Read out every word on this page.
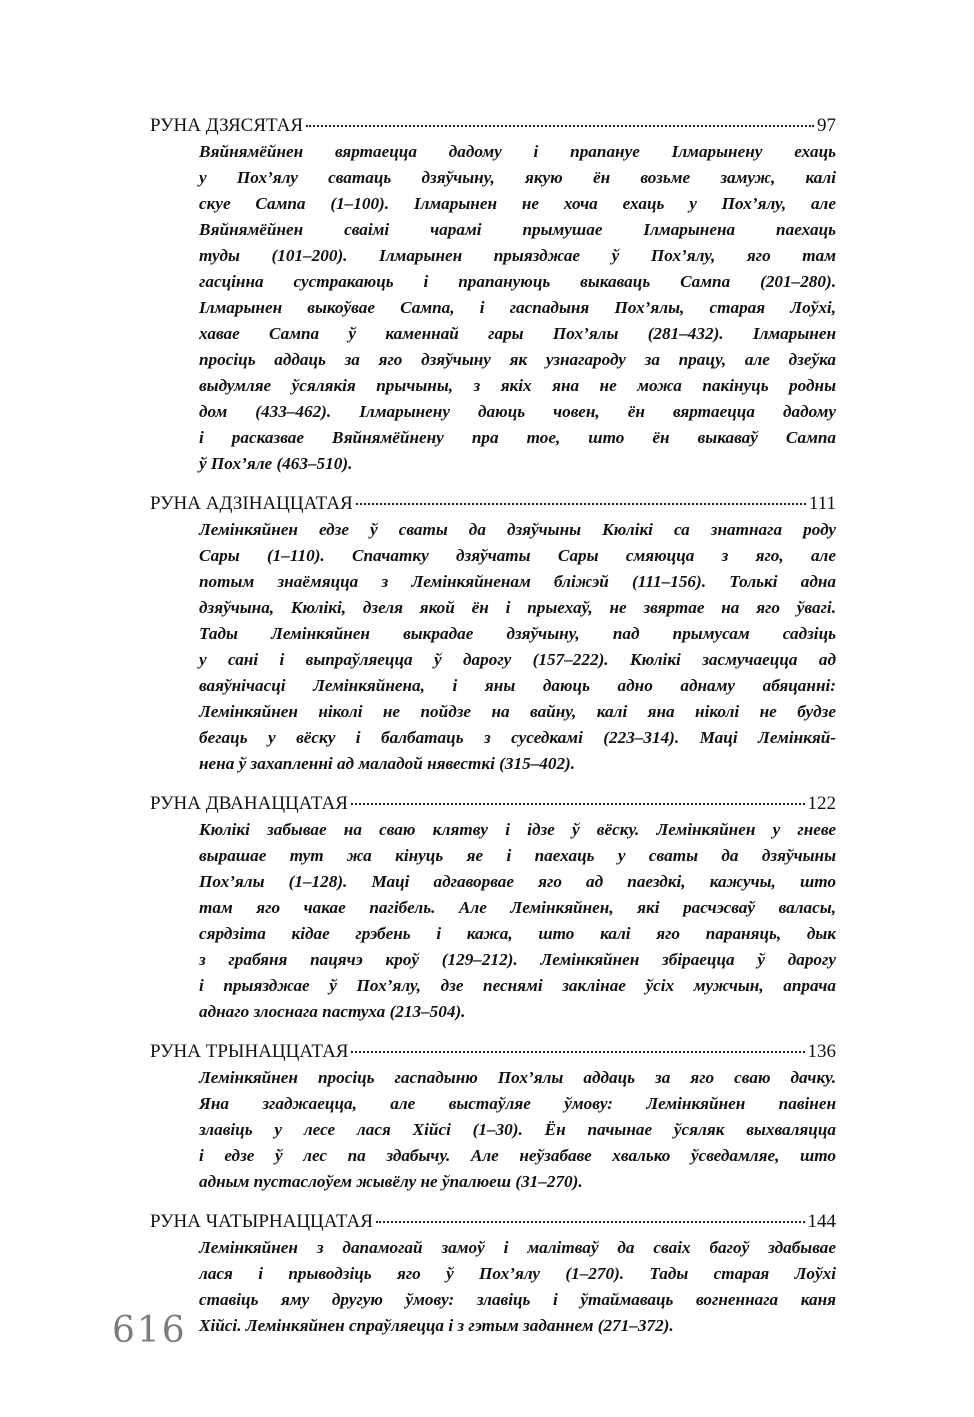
РУНА ДЗЯСЯТАЯ	97
Вяйнямёйнен вяртаецца дадому і прапануе Ілмарынену ехаць
у Пох’ялу сватаць дзяўчыну, якую ён возьме замуж, калі
скуе Сампа (1–100). Ілмарынен не хоча ехаць у Пох’ялу, але
Вяйнямёйнен сваімі чарамі прымушае Ілмарынена паехаць
туды (101–200). Ілмарынен прыязджае ў Пох’ялу, яго там
гасцінна сустракаюць і прапануюць выкаваць Сампа (201–280).
Ілмарынен выкоўвае Сампа, і гаспадыня Пох’ялы, старая Лоўхі,
хавае Сампа ў каменнай гары Пох’ялы (281–432). Ілмарынен
просіць аддаць за яго дзяўчыну як узнагароду за працу, але дзеўка
выдумляе ўсялякія прычыны, з якіх яна не можа пакінуць родны
дом (433–462). Ілмарынену даюць човен, ён вяртаецца дадому
і расказвае Вяйнямёйнену пра тое, што ён выкаваў Сампа
ў Пох’яле (463–510).
РУНА АДЗІНАЦЦАТАЯ	111
Лемінкяйнен едзе ў сваты да дзяўчыны Кюлікі са знатнага роду
Сары (1–110). Спачатку дзяўчаты Сары смяюцца з яго, але
потым знаёмяцца з Лемінкяйненам бліжэй (111–156). Толькі адна
дзяўчына, Кюлікі, дзеля якой ён і прыехаў, не звяртае на яго ўвагі.
Тады Лемінкяйнен выкрадае дзяўчыну, пад прымусам садзіць
у сані і выпраўляецца ў дарогу (157–222). Кюлікі засмучаецца ад
ваяўнічасці Лемінкяйнена, і яны даюць адно аднаму абяцанні:
Лемінкяйнен ніколі не пойдзе на вайну, калі яна ніколі не будзе
бегаць у вёску і балбатаць з суседкамі (223–314). Маці Лемінкяй-
нена ў захапленні ад маладой нявесткі (315–402).
РУНА ДВАНАЦЦАТАЯ	122
Кюлікі забывае на сваю клятву і ідзе ў вёску. Лемінкяйнен у гневе
вырашае тут жа кінуць яе і паехаць у сваты да дзяўчыны
Пох’ялы (1–128). Маці адгаворвае яго ад паездкі, кажучы, што
там яго чакае пагібель. Але Лемінкяйнен, які расчэсваў валасы,
сярдзіта кідае грэбень і кажа, што калі яго параняць, дык
з грабяня пацячэ кроў (129–212). Лемінкяйнен збіраецца ў дарогу
і прыязджае ў Пох’ялу, дзе песнямі заклінае ўсіх мужчын, апрача
аднаго злоснага пастуха (213–504).
РУНА ТРЫНАЦЦАТАЯ	136
Лемінкяйнен просіць гаспадыню Пох’ялы аддаць за яго сваю дачку.
Яна згаджаецца, але выстаўляе ўмову: Лемінкяйнен павінен
злавіць у лесе лася Хійсі (1–30). Ён пачынае ўсяляк выхваляцца
і едзе ў лес па здабычу. Але неўзабаве хвалько ўсведамляе, што
адным пустаслоўем жывёлу не ўпалюеш (31–270).
РУНА ЧАТЫРНАЦЦАТАЯ	144
Лемінкяйнен з дапамогай замоў і малітваў да сваіх багоў здабывае
лася і прыводзіць яго ў Пох’ялу (1–270). Тады старая Лоўхі
ставіць яму другую ўмову: злавіць і ўтаймаваць вогненнага каня
Хійсі. Лемінкяйнен спраўляецца і з гэтым заданнем (271–372).
616
